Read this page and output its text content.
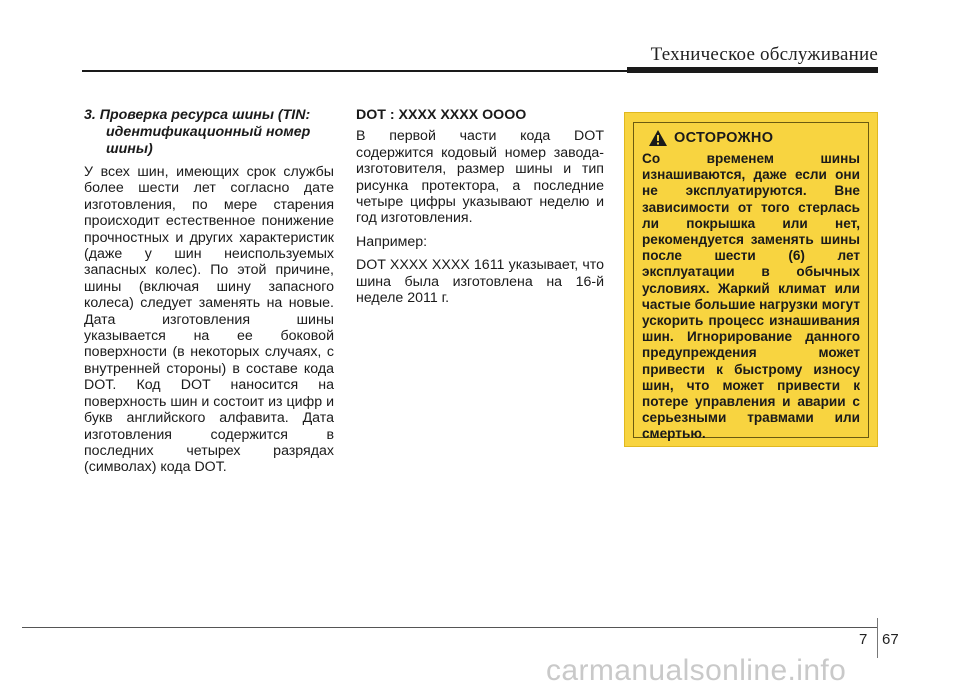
Техническое обслуживание

3. Проверка ресурса шины (TIN: идентификационный номер шины)

У всех шин, имеющих срок службы более шести лет согласно дате изготовления, по мере старения происходит естественное понижение прочностных и других характеристик (даже у шин неиспользуемых запасных колес). По этой причине, шины (включая шину запасного колеса) следует заменять на новые. Дата изготовления шины указывается на ее боковой поверхности (в некоторых случаях, с внутренней стороны) в составе кода DOT. Код DOT наносится на поверхность шин и состоит из цифр и букв английского алфавита. Дата изготовления содержится в последних четырех разрядах (символах) кода DOT.

DOT : XXXX XXXX OOOO

В первой части кода DOT содержится кодовый номер завода-изготовителя, размер шины и тип рисунка протектора, а последние четыре цифры указывают неделю и год изготовления.

Например:

DOT XXXX XXXX 1611 указывает, что шина была изготовлена на 16-й неделе 2011 г.

ОСТОРОЖНО

Со временем шины изнашиваются, даже если они не эксплуатируются. Вне зависимости от того стерлась ли покрышка или нет, рекомендуется заменять шины после шести (6) лет эксплуатации в обычных условиях. Жаркий климат или частые большие нагрузки могут ускорить процесс изнашивания шин. Игнорирование данного предупреждения может привести к быстрому износу шин, что может привести к потере управления и аварии с серьезными травмами или смертью.

7 67
carmanualsonline.info
